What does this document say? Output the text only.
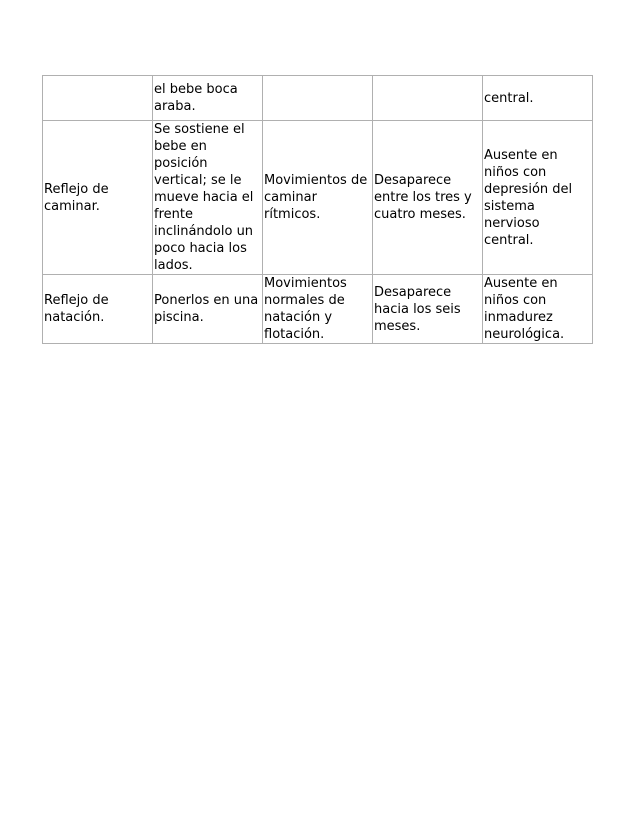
	el bebe boca araba.			central.
Reflejo de caminar.	Se sostiene el bebe en posición vertical; se le mueve hacia el frente inclinándolo un poco hacia los lados.	Movimientos de caminar rítmicos.	Desaparece entre los tres y cuatro meses.	Ausente en niños con depresión del sistema nervioso central.
Reflejo de natación.	Ponerlos en una piscina.	Movimientos normales de natación y flotación.	Desaparece hacia los seis meses.	Ausente en niños con inmadurez neurológica.
